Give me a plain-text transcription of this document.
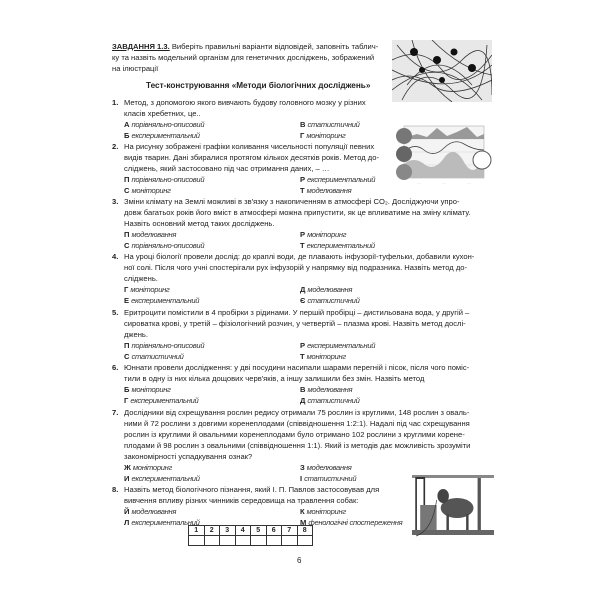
ЗАВДАННЯ 1.3. Виберіть правильні варіанти відповідей, заповніть таблич-
ку та назвіть модельний організм для генетичних досліджень, зображений
на ілюстрації
Тест-конструювання «Методи біологічних досліджень»
1. Метод, з допомогою якого вивчають будову головного мозку у різних
класів хребетних, це..
А порівняльно-описовий	В статистичний
Б експериментальний	Г моніторинг
2. На рисунку зображені графіки коливання чисельності популяції певних
видів тварин. Дані збиралися протягом кількох десятків років. Метод до-
сліджень, який застосовано під час отримання даних, – …
П порівняльно-описовий	Р експериментальний
С моніторинг	Т моделювання
3. Зміни клімату на Землі можливі в зв'язку з накопиченням в атмосфері CO₂. Досліджуючи упро-
довж багатьох років його вміст в атмосфері можна припустити, як це впливатиме на зміну клімату.
Назвіть основний метод таких досліджень.
П моделювання	Р моніторинг
С порівняльно-описовий	Т експериментальний
4. На уроці біології провели дослід: до краплі води, де плавають інфузорії-туфельки, добавили кухон-
ної солі. Після чого учні спостерігали рух інфузорій у напрямку від подразника. Назвіть метод до-
сліджень.
Г моніторинг	Д моделювання
Е експериментальний	Є статистичний
5. Еритроцити помістили в 4 пробірки з рідинами. У першій пробірці – дистильована вода, у другій –
сироватка крові, у третій – фізіологічний розчин, у четвертій – плазма крові. Назвіть метод дослі-
джень.
П порівняльно-описовий	Р експериментальний
С статистичний	Т моніторинг
6. Юннати провели дослідження: у дві посудини насипали шарами перегній і пісок, після чого поміс-
тили в одну із них кілька дощових черв'яків, а іншу залишили без змін. Назвіть метод
Б моніторинг	В моделювання
Г експериментальний	Д статистичний
7. Дослідники від схрещування рослин редису отримали 75 рослин із круглими, 148 рослин з оваль-
ними й 72 рослини з довгими коренеплодами (співвідношення 1:2:1). Надалі під час схрещування
рослин із круглими й овальними коренеплодами було отримано 102 рослини з круглими корене-
плодами й 98 рослин з овальними (співвідношення 1:1). Який із методів дає можливість зрозуміти
закономірності успадкування ознак?
Ж моніторинг	З моделювання
И експериментальний	І статистичний
8. Назвіть метод біологічного пізнання, який І. П. Павлов застосовував для
вивчення впливу різних чинників середовища на травлення собак:
Й моделювання	К моніторинг
Л експериментальний	М фенологічні спостереження
····	····	····
1	2	3	4	5	6	7	8

6
